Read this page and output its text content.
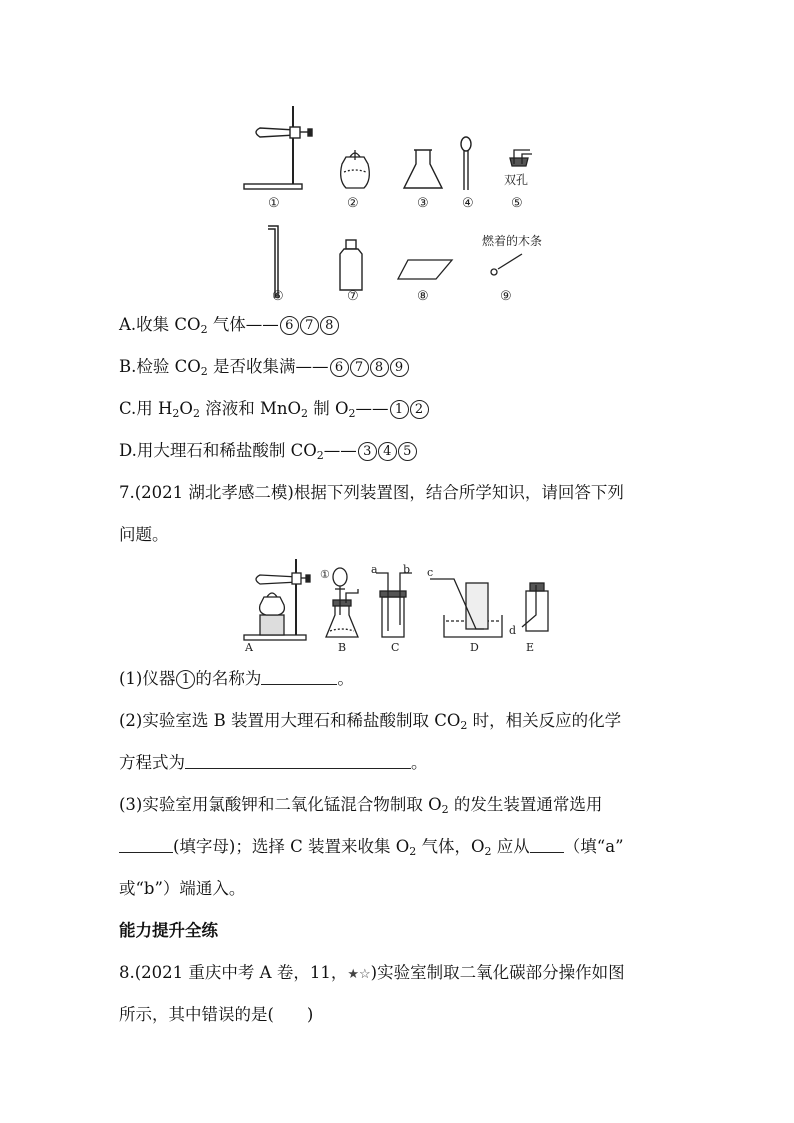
①	②	③	④	⑤
双孔
⑥	⑦	⑧	⑨
燃着的木条
A.收集 $CO_2$ 气体—— 6 7 8
B.检验 $CO_2$ 是否收集满—— 6 7 8 9
C.用 $H_2O_2$ 溶液和 MnO$_2$ 制 $O_2——$ 1 2
D.用大理石和稀盐酸制 $CO_2——$ 3 4 5
7.(2021 湖北孝感二模)根据下列装置图，结合所学知识，请回答下列
问题。
A	B	C	D	E
①	a b c
d
(1)仪器 1 的名称为	。
(2)实验室选 B 装置用大理石和稀盐酸制取 $CO_2$ 时，相关反应的化学
方程式为	。
(3)实验室用氯酸钾和二氧化锰混合物制取 $O_2$ 的发生装置通常选用
(填字母)；选择 C 装置来收集 $O_2$ 气体，$O_2$ 应从 （填“a”
或“b”）端通入。
能力提升全练
8.(2021 重庆中考 A 卷，11，★☆)实验室制取二氧化碳部分操作如图
所示，其中错误的是(　　)
